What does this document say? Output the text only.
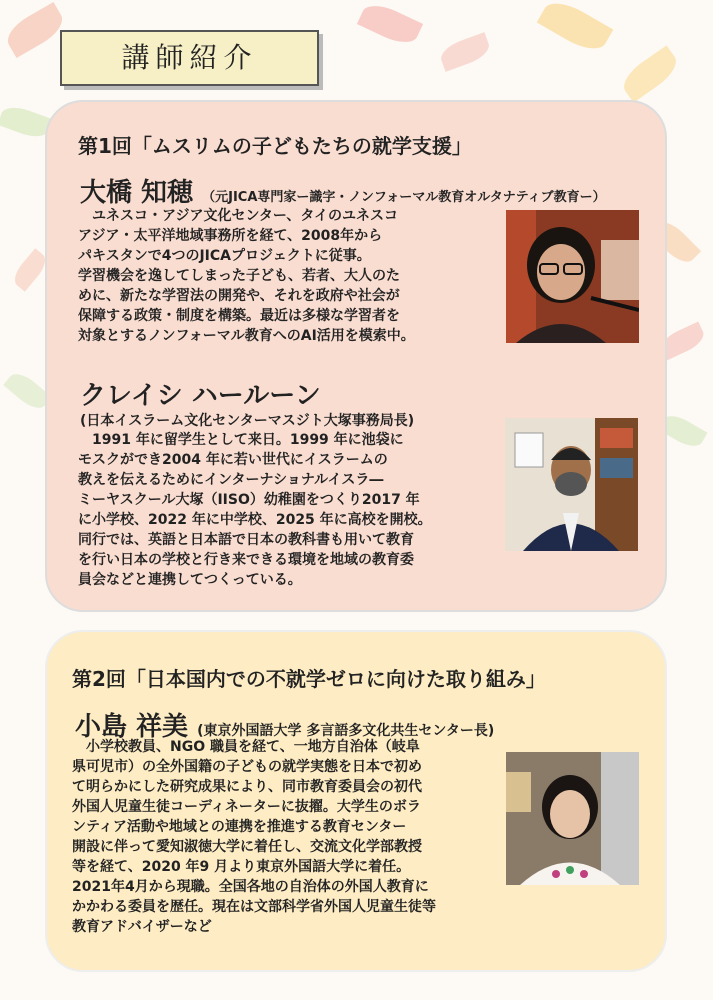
講師紹介
第1回「ムスリムの子どもたちの就学支援」
大橋 知穂 （元JICA専門家ー識字・ノンフォーマル教育オルタナティブ教育ー）
　ユネスコ・アジア文化センター、タイのユネスコ
アジア・太平洋地域事務所を経て、2008年から
パキスタンで4つのJICAプロジェクトに従事。
学習機会を逸してしまった子ども、若者、大人のた
めに、新たな学習法の開発や、それを政府や社会が
保障する政策・制度を構築。最近は多様な学習者を
対象とするノンフォーマル教育へのAI活用を模索中。
クレイシ ハールーン
(日本イスラーム文化センターマスジト大塚事務局長)
　1991 年に留学生として来日。1999 年に池袋に
モスクができ2004 年に若い世代にイスラームの
教えを伝えるためにインターナショナルイスラ―
ミーヤスクール大塚（IISO）幼稚園をつくり2017 年
に小学校、2022 年に中学校、2025 年に高校を開校。
同行では、英語と日本語で日本の教科書も用いて教育
を行い日本の学校と行き来できる環境を地域の教育委
員会などと連携してつくっている。
第2回「日本国内での不就学ゼロに向けた取り組み」
小島 祥美 (東京外国語大学 多言語多文化共生センター長)
　小学校教員、NGO 職員を経て、一地方自治体（岐阜
県可児市）の全外国籍の子どもの就学実態を日本で初め
て明らかにした研究成果により、同市教育委員会の初代
外国人児童生徒コーディネーターに抜擢。大学生のボラ
ンティア活動や地域との連携を推進する教育センター
開設に伴って愛知淑徳大学に着任し、交流文化学部教授
等を経て、2020 年9 月より東京外国語大学に着任。
2021年4月から現職。全国各地の自治体の外国人教育に
かかわる委員を歴任。現在は文部科学省外国人児童生徒等
教育アドバイザーなど
